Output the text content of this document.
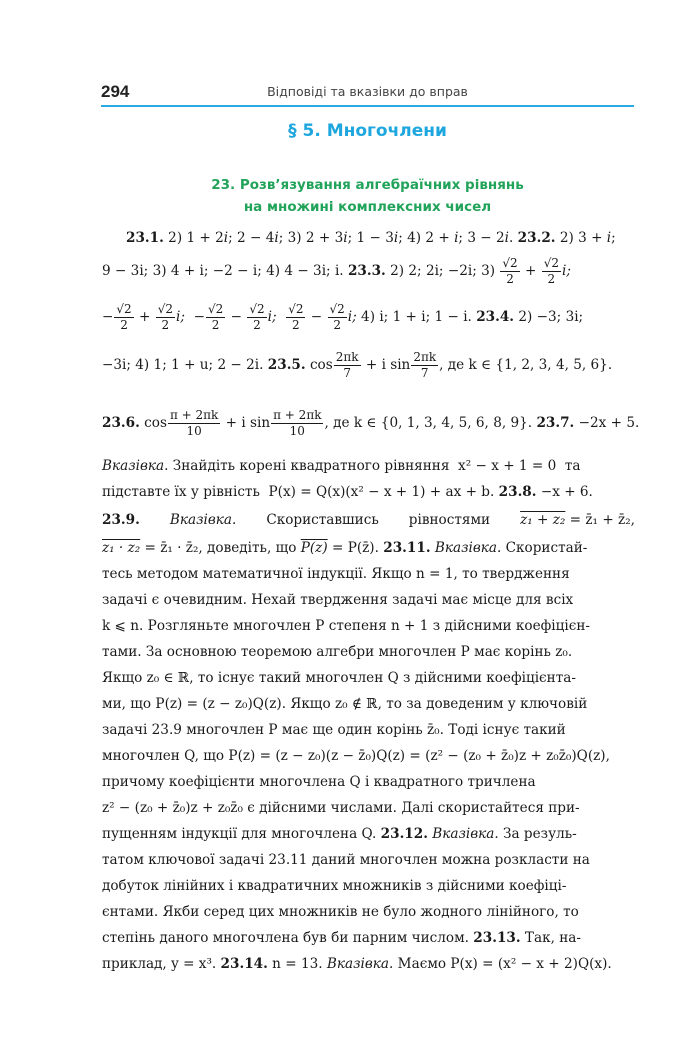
294	Відповіді та вказівки до вправ
§ 5. Многочлени
23. Розв’язування алгебраїчних рівнянь
на множині комплексних чисел
23.1. 2) 1 + 2i; 2 − 4i; 3) 2 + 3i; 1 − 3i; 4) 2 + i; 3 − 2i. 23.2. 2) 3 + i;
9 − 3i; 3) 4 + i; −2 − i; 4) 4 − 3i; i. 23.3. 2) 2; 2i; −2i; $3) \frac{√2}{2} + \frac{√2}{2} i$;
− $\frac{√2}{2} + \frac{√2}{2} i$; − $\frac{√2}{2} - \frac{√2}{2} i$; $\frac{√2}{2} - \frac{√2}{2} i$; 4) i; 1 + i; 1 − i. 23.4. 2) −3; 3i;
−3i; 4) 1; 1 + u; 2 − 2i. 23.5. $\cos \frac{2\pi k}{7} + i$ $\sin \frac{2\pi k}{7}$ , де k ∈ {1, 2, 3, 4, 5, 6}.
23.6. $\cos \frac{\pi + 2\pi k}{10} + i$ $\sin \frac{\pi + 2\pi k}{10}$ , де k ∈ {0, 1, 3, 4, 5, 6, 8, 9}. 23.7. −2x + 5.
Вказівка. Знайдіть корені квадратного рівняння  x² − x + 1 = 0  та
підставте їх у рівність  P(x) = Q(x)(x² − x + 1) + ax + b. 23.8. −x + 6.
23.9. Вказівка. Скориставшись рівностями z₁ + z₂ = z̄₁ + z̄₂,
z₁ · z₂ = z̄₁ · z̄₂, доведіть, що P(z) = P(z̄). 23.11. Вказівка. Скористай-
тесь методом математичної індукції. Якщо n = 1, то твердження
задачі є очевидним. Нехай твердження задачі має місце для всіх
k ⩽ n. Розгляньте многочлен P степеня n + 1 з дійсними коефіцієн-
тами. За основною теоремою алгебри многочлен P має корінь z₀.
Якщо z₀ ∈ ℝ, то існує такий многочлен Q з дійсними коефіцієнта-
ми, що P(z) = (z − z₀)Q(z). Якщо z₀ ∉ ℝ, то за доведеним у ключовій
задачі 23.9 многочлен P має ще один корінь z̄₀. Тоді існує такий
многочлен Q, що P(z) = (z − z₀)(z − z̄₀)Q(z) = (z² − (z₀ + z̄₀)z + z₀z̄₀)Q(z),
причому коефіцієнти многочлена Q і квадратного тричлена
z² − (z₀ + z̄₀)z + z₀z̄₀ є дійсними числами. Далі скористайтеся при-
пущенням індукції для многочлена Q. 23.12. Вказівка. За резуль-
татом ключової задачі 23.11 даний многочлен можна розкласти на
добуток лінійних і квадратичних множників з дійсними коефіці-
єнтами. Якби серед цих множників не було жодного лінійного, то
степінь даного многочлена був би парним числом. 23.13. Так, на-
приклад, y = x³. 23.14. n = 13. Вказівка. Маємо P(x) = (x² − x + 2)Q(x).
